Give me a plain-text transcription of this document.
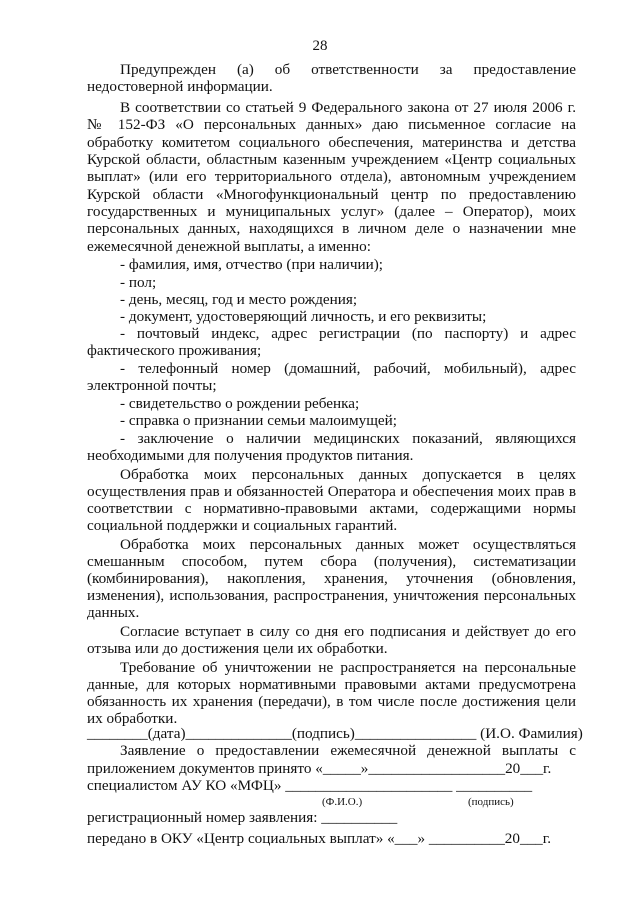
28
Предупрежден (а) об ответственности за предоставление
недостоверной информации.
В соответствии со статьей 9 Федерального закона от 27 июля 2006 г.
№ 152-ФЗ «О персональных данных» даю письменное согласие на
обработку комитетом социального обеспечения, материнства и детства
Курской области, областным казенным учреждением «Центр социальных
выплат» (или его территориального отдела), автономным учреждением
Курской области «Многофункциональный центр по предоставлению
государственных и муниципальных услуг» (далее – Оператор), моих
персональных данных, находящихся в личном деле о назначении мне
ежемесячной денежной выплаты, а именно:
- фамилия, имя, отчество (при наличии);
- пол;
- день, месяц, год и место рождения;
- документ, удостоверяющий личность, и его реквизиты;
- почтовый индекс, адрес регистрации (по паспорту) и адрес
фактического проживания;
- телефонный номер (домашний, рабочий, мобильный), адрес
электронной почты;
- свидетельство о рождении ребенка;
- справка о признании семьи малоимущей;
- заключение о наличии медицинских показаний, являющихся
необходимыми для получения продуктов питания.
Обработка моих персональных данных допускается в целях
осуществления прав и обязанностей Оператора и обеспечения моих прав в
соответствии с нормативно-правовыми актами, содержащими нормы
социальной поддержки и социальных гарантий.
Обработка моих персональных данных может осуществляться
смешанным способом, путем сбора (получения), систематизации
(комбинирования), накопления, хранения, уточнения (обновления,
изменения), использования, распространения, уничтожения персональных
данных.
Согласие вступает в силу со дня его подписания и действует до его
отзыва или до достижения цели их обработки.
Требование об уничтожении не распространяется на персональные
данные, для которых нормативными правовыми актами предусмотрена
обязанность их хранения (передачи), в том числе после достижения цели
их обработки.
________(дата)______________(подпись)________________ (И.О. Фамилия)
Заявление о предоставлении ежемесячной денежной выплаты с
приложением документов принято «_____»__________________20___г.
специалистом АУ КО «МФЦ» ______________________ __________
(Ф.И.О.)	(подпись)
регистрационный номер заявления: __________
передано в ОКУ «Центр социальных выплат» «___» __________20___г.
